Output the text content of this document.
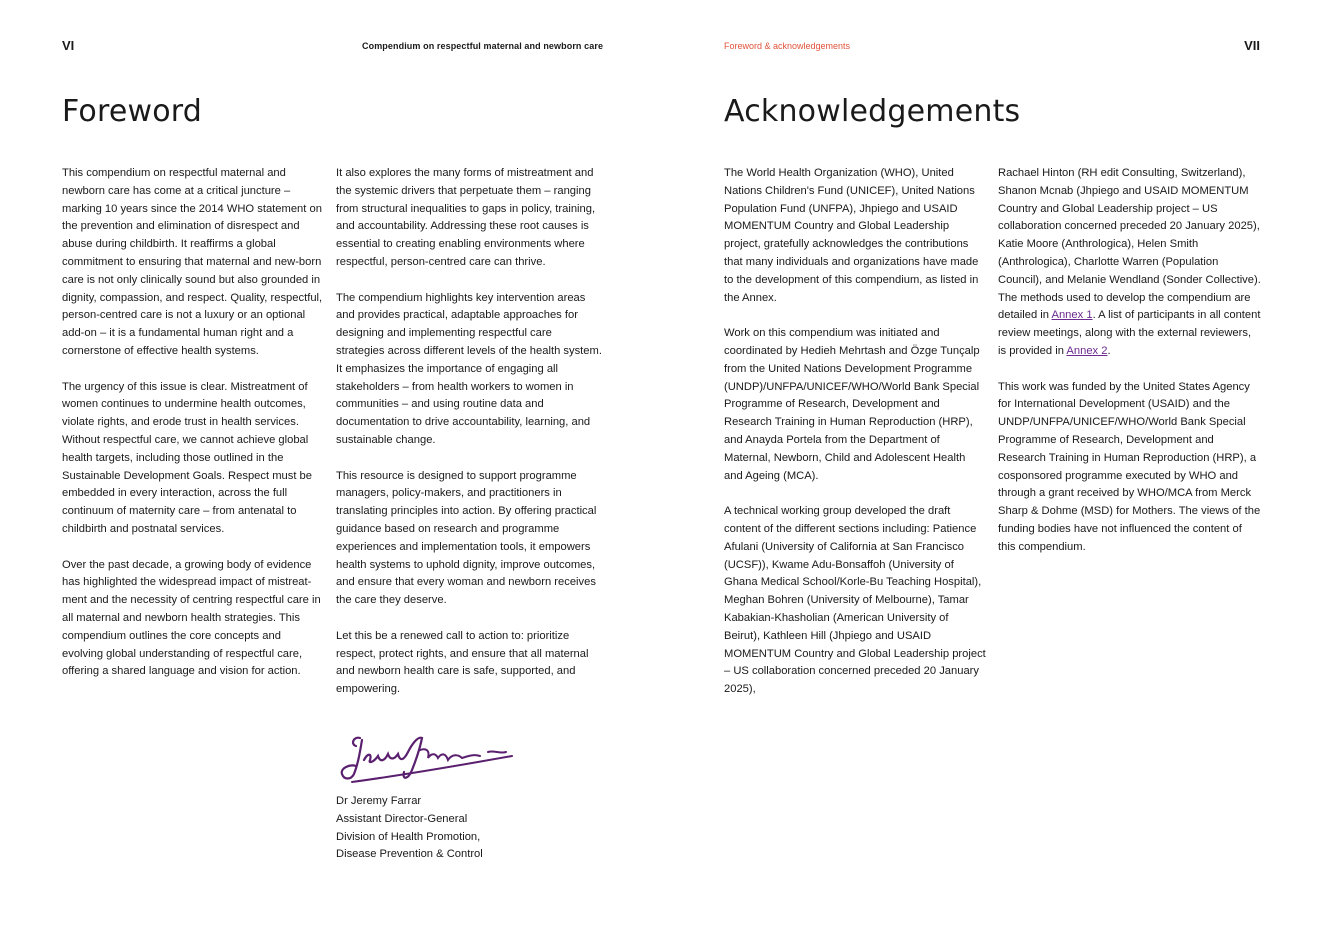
VI	Compendium on respectful maternal and newborn care
Foreword

This compendium on respectful maternal and newborn care has come at a critical juncture – marking 10 years since the 2014 WHO statement on the prevention and elimination of disrespect and abuse during childbirth. It reaffirms a global commitment to ensuring that maternal and new-born care is not only clinically sound but also grounded in dignity, compassion, and respect. Quality, respectful, person-centred care is not a luxury or an optional add-on – it is a fundamental human right and a cornerstone of effective health systems.

The urgency of this issue is clear. Mistreatment of women continues to undermine health outcomes, violate rights, and erode trust in health services. Without respectful care, we cannot achieve global health targets, including those outlined in the Sustainable Development Goals. Respect must be embedded in every interaction, across the full continuum of maternity care – from antenatal to childbirth and postnatal services.

Over the past decade, a growing body of evidence has highlighted the widespread impact of mistreat-ment and the necessity of centring respectful care in all maternal and newborn health strategies. This compendium outlines the core concepts and evolving global understanding of respectful care, offering a shared language and vision for action.

It also explores the many forms of mistreatment and the systemic drivers that perpetuate them – ranging from structural inequalities to gaps in policy, training, and accountability. Addressing these root causes is essential to creating enabling environments where respectful, person-centred care can thrive.

The compendium highlights key intervention areas and provides practical, adaptable approaches for designing and implementing respectful care strategies across different levels of the health system. It emphasizes the importance of engaging all stakeholders – from health workers to women in communities – and using routine data and documentation to drive accountability, learning, and sustainable change.

This resource is designed to support programme managers, policy-makers, and practitioners in translating principles into action. By offering practical guidance based on research and programme experiences and implementation tools, it empowers health systems to uphold dignity, improve outcomes, and ensure that every woman and newborn receives the care they deserve.

Let this be a renewed call to action to: prioritize respect, protect rights, and ensure that all maternal and newborn health care is safe, supported, and empowering.

Dr Jeremy Farrar
Assistant Director-General
Division of Health Promotion,
Disease Prevention & Control
Foreword & acknowledgements	VII
Acknowledgements

The World Health Organization (WHO), United Nations Children's Fund (UNICEF), United Nations Population Fund (UNFPA), Jhpiego and USAID MOMENTUM Country and Global Leadership project, gratefully acknowledges the contributions that many individuals and organizations have made to the development of this compendium, as listed in the Annex.

Work on this compendium was initiated and coordinated by Hedieh Mehrtash and Özge Tunçalp from the United Nations Development Programme (UNDP)/UNFPA/UNICEF/WHO/World Bank Special Programme of Research, Development and Research Training in Human Reproduction (HRP), and Anayda Portela from the Department of Maternal, Newborn, Child and Adolescent Health and Ageing (MCA).

A technical working group developed the draft content of the different sections including: Patience Afulani (University of California at San Francisco (UCSF)), Kwame Adu-Bonsaffoh (University of Ghana Medical School/Korle-Bu Teaching Hospital), Meghan Bohren (University of Melbourne), Tamar Kabakian-Khasholian (American University of Beirut), Kathleen Hill (Jhpiego and USAID MOMENTUM Country and Global Leadership project – US collaboration concerned preceded 20 January 2025),

Rachael Hinton (RH edit Consulting, Switzerland), Shanon Mcnab (Jhpiego and USAID MOMENTUM Country and Global Leadership project – US collaboration concerned preceded 20 January 2025), Katie Moore (Anthrologica), Helen Smith (Anthrologica), Charlotte Warren (Population Council), and Melanie Wendland (Sonder Collective).

The methods used to develop the compendium are detailed in Annex 1. A list of participants in all content review meetings, along with the external reviewers, is provided in Annex 2.

This work was funded by the United States Agency for International Development (USAID) and the UNDP/UNFPA/UNICEF/WHO/World Bank Special Programme of Research, Development and Research Training in Human Reproduction (HRP), a cosponsored programme executed by WHO and through a grant received by WHO/MCA from Merck Sharp & Dohme (MSD) for Mothers. The views of the funding bodies have not influenced the content of this compendium.
